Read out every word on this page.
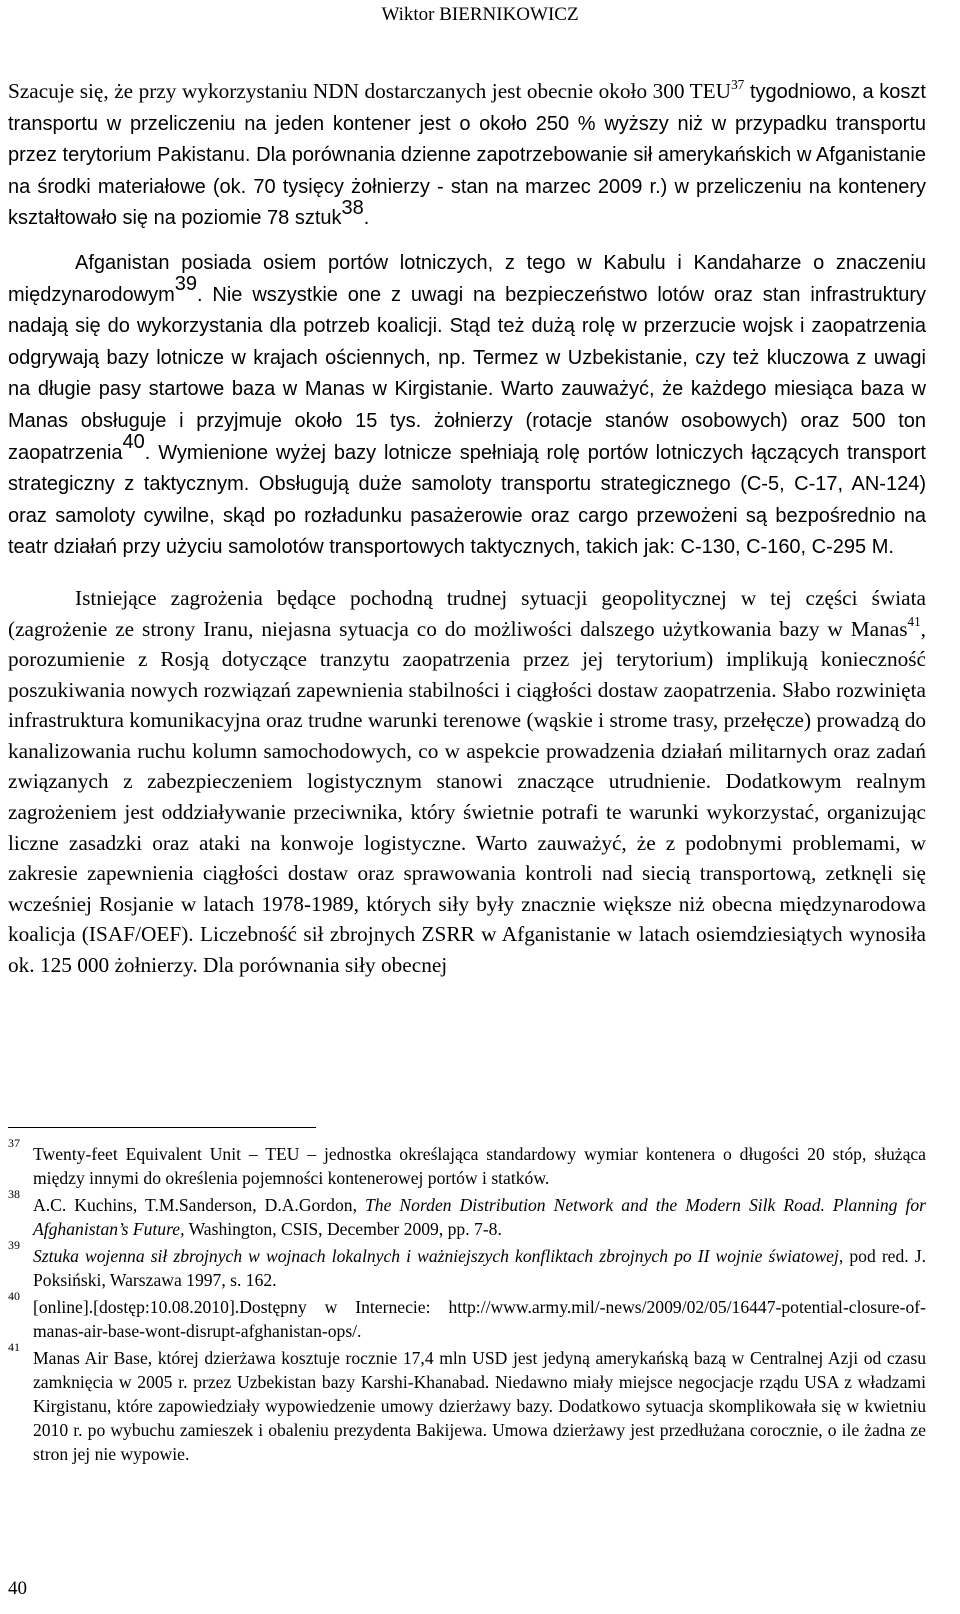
Wiktor BIERNIKOWICZ

Szacuje się, że przy wykorzystaniu NDN dostarczanych jest obecnie około 300 TEU$^{37}$ tygodniowo, a koszt transportu w przeliczeniu na jeden kontener jest o około 250 % wyższy niż w przypadku transportu przez terytorium Pakistanu. Dla porównania dzienne zapotrzebowanie sił amerykańskich w Afganistanie na środki materiałowe (ok. 70 tysięcy żołnierzy - stan na marzec 2009 r.) w przeliczeniu na kontenery kształtowało się na poziomie 78 sztuk$^{38}$.

Afganistan posiada osiem portów lotniczych, z tego w Kabulu i Kandaharze o znaczeniu międzynarodowym$^{39}$. Nie wszystkie one z uwagi na bezpieczeństwo lotów oraz stan infrastruktury nadają się do wykorzystania dla potrzeb koalicji. Stąd też dużą rolę w przerzucie wojsk i zaopatrzenia odgrywają bazy lotnicze w krajach ościennych, np. Termez w Uzbekistanie, czy też kluczowa z uwagi na długie pasy startowe baza w Manas w Kirgistanie. Warto zauważyć, że każdego miesiąca baza w Manas obsługuje i przyjmuje około 15 tys. żołnierzy (rotacje stanów osobowych) oraz 500 ton zaopatrzenia$^{40}$. Wymienione wyżej bazy lotnicze spełniają rolę portów lotniczych łączących transport strategiczny z taktycznym. Obsługują duże samoloty transportu strategicznego (C-5, C-17, AN-124) oraz samoloty cywilne, skąd po rozładunku pasażerowie oraz cargo przewożeni są bezpośrednio na teatr działań przy użyciu samolotów transportowych taktycznych, takich jak: C-130, C-160, C-295 M.

Istniejące zagrożenia będące pochodną trudnej sytuacji geopolitycznej w tej części świata (zagrożenie ze strony Iranu, niejasna sytuacja co do możliwości dalszego użytkowania bazy w Manas$^{41}$, porozumienie z Rosją dotyczące tranzytu zaopatrzenia przez jej terytorium) implikują konieczność poszukiwania nowych rozwiązań zapewnienia stabilności i ciągłości dostaw zaopatrzenia. Słabo rozwinięta infrastruktura komunikacyjna oraz trudne warunki terenowe (wąskie i strome trasy, przełęcze) prowadzą do kanalizowania ruchu kolumn samochodowych, co w aspekcie prowadzenia działań militarnych oraz zadań związanych z zabezpieczeniem logistycznym stanowi znaczące utrudnienie. Dodatkowym realnym zagrożeniem jest oddziaływanie przeciwnika, który świetnie potrafi te warunki wykorzystać, organizując liczne zasadzki oraz ataki na konwoje logistyczne. Warto zauważyć, że z podobnymi problemami, w zakresie zapewnienia ciągłości dostaw oraz sprawowania kontroli nad siecią transportową, zetknęli się wcześniej Rosjanie w latach 1978-1989, których siły były znacznie większe niż obecna międzynarodowa koalicja (ISAF/OEF). Liczebność sił zbrojnych ZSRR w Afganistanie w latach osiemdziesiątych wynosiła ok. 125 000 żołnierzy. Dla porównania siły obecnej

37
Twenty-feet Equivalent Unit – TEU – jednostka określająca standardowy wymiar kontenera o długości 20 stóp, służąca między innymi do określenia pojemności kontenerowej portów i statków.
38
A.C. Kuchins, T.M.Sanderson, D.A.Gordon, The Norden Distribution Network and the Modern Silk Road. Planning for Afghanistan’s Future, Washington, CSIS, December 2009, pp. 7-8.
39
Sztuka wojenna sił zbrojnych w wojnach lokalnych i ważniejszych konfliktach zbrojnych po II wojnie światowej, pod red. J. Poksiński, Warszawa 1997, s. 162.
40
[online].[dostęp:10.08.2010].Dostępny w Internecie: http://www.army.mil/-news/2009/02/05/16447-potential-closure-of-manas-air-base-wont-disrupt-afghanistan-ops/.
41
Manas Air Base, której dzierżawa kosztuje rocznie 17,4 mln USD jest jedyną amerykańską bazą w Centralnej Azji od czasu zamknięcia w 2005 r. przez Uzbekistan bazy Karshi-Khanabad. Niedawno miały miejsce negocjacje rządu USA z władzami Kirgistanu, które zapowiedziały wypowiedzenie umowy dzierżawy bazy. Dodatkowo sytuacja skomplikowała się w kwietniu 2010 r. po wybuchu zamieszek i obaleniu prezydenta Bakijewa. Umowa dzierżawy jest przedłużana corocznie, o ile żadna ze stron jej nie wypowie.
40
